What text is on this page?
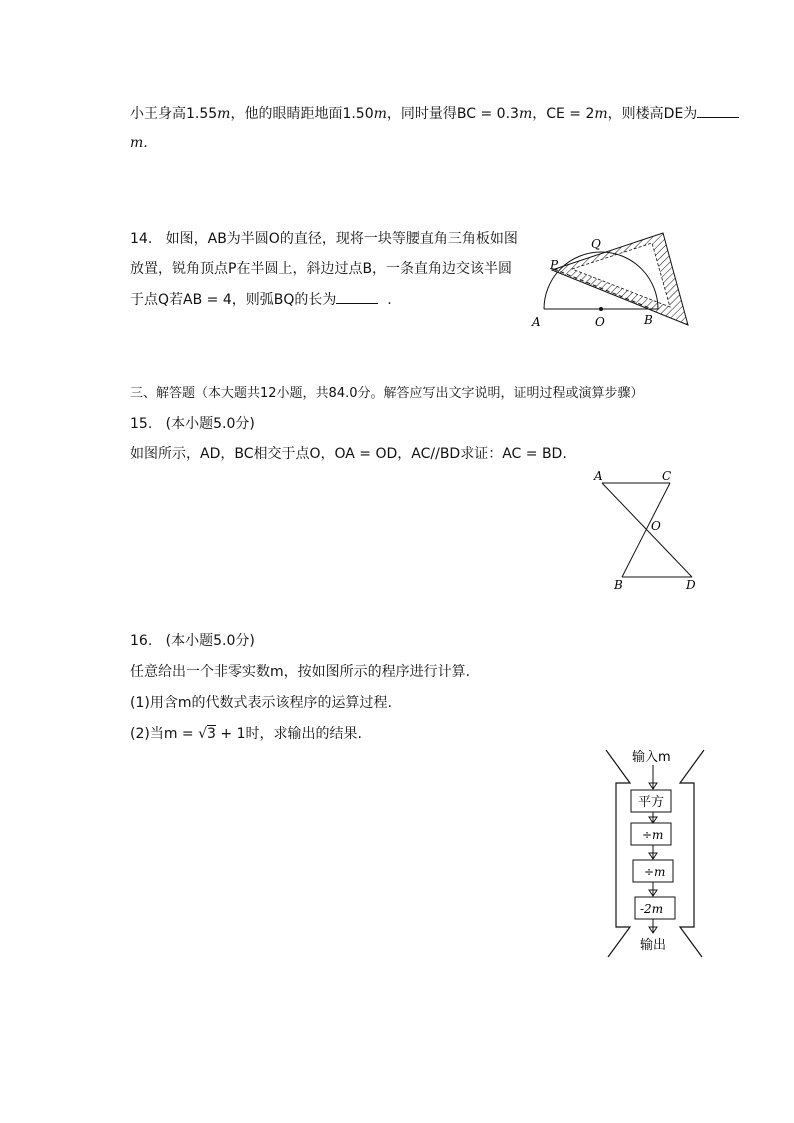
小王身高1.55m，他的眼睛距地面1.50m，同时量得BC = 0.3m，CE = 2m，则楼高DE为
m.
14. 如图，AB为半圆O的直径，现将一块等腰直角三角板如图
放置，锐角顶点P在半圆上，斜边过点B，一条直角边交该半圆
于点Q若AB = 4，则弧BQ的长为	.
A	O	B
P
Q
三、解答题（本大题共12小题，共84.0分。解答应写出文字说明，证明过程或演算步骤）
15. (本小题5.0分)
如图所示，AD，BC相交于点O，OA = OD，AC//BD求证：AC = BD.
A	C
O
B	D
16. (本小题5.0分)
任意给出一个非零实数m，按如图所示的程序进行计算.
(1)用含m的代数式表示该程序的运算过程.
(2)当m = √3 + 1时，求输出的结果.
输入m
平方
÷m
÷m
-2m
输出
